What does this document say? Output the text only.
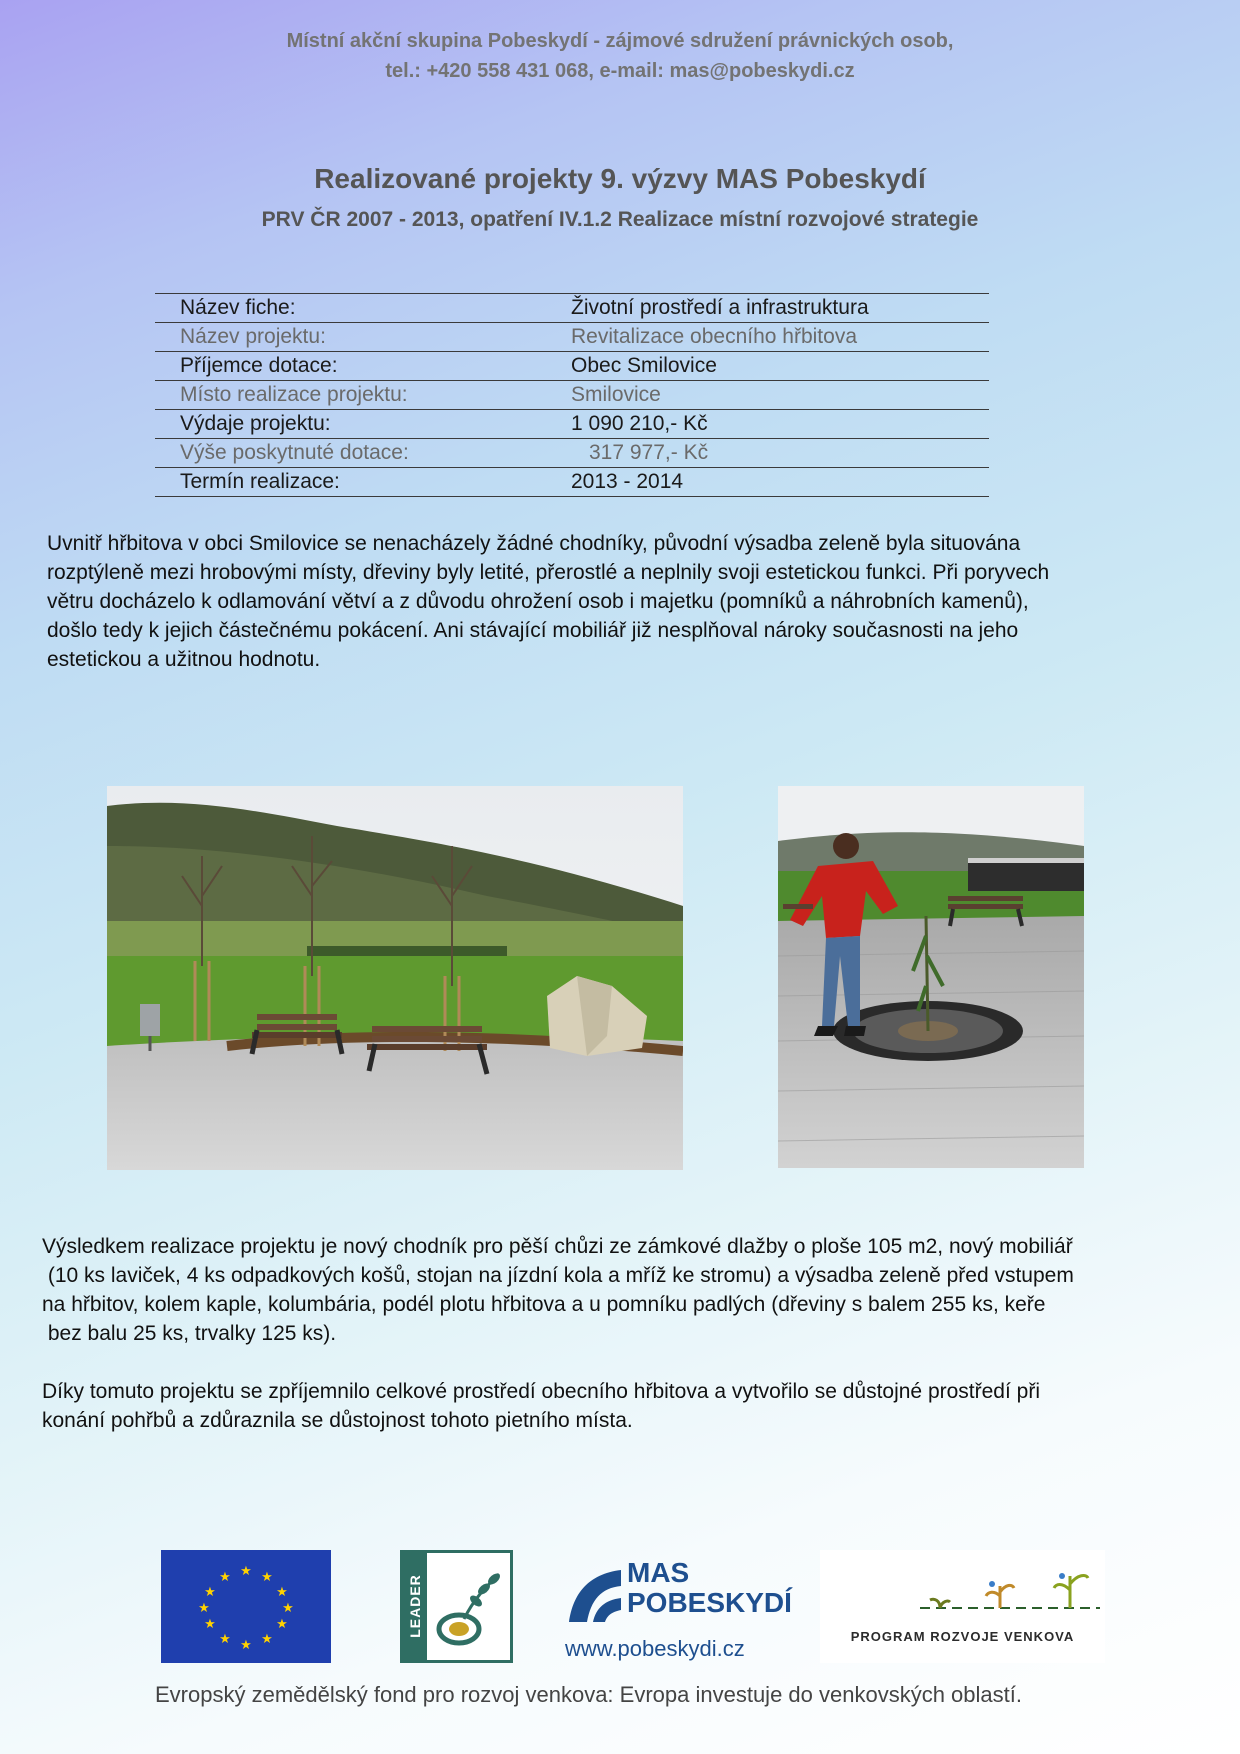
Místní akční skupina Pobeskydí - zájmové sdružení právnických osob,
tel.: +420 558 431 068, e-mail: mas@pobeskydi.cz
Realizované projekty 9. výzvy MAS Pobeskydí
PRV ČR 2007 - 2013, opatření IV.1.2 Realizace místní rozvojové strategie
Název fiche:	Životní prostředí a infrastruktura
Název projektu:	Revitalizace obecního hřbitova
Příjemce dotace:	Obec Smilovice
Místo realizace projektu:	Smilovice
Výdaje projektu:	1 090 210,- Kč
Výše poskytnuté dotace:	317 977,- Kč
Termín realizace:	2013 - 2014
Uvnitř hřbitova v obci Smilovice se nenacházely žádné chodníky, původní výsadba zeleně byla situována
rozptýleně mezi hrobovými místy, dřeviny byly letité, přerostlé a neplnily svoji estetickou funkci. Při poryvech
větru docházelo k odlamování větví a z důvodu ohrožení osob i majetku (pomníků a náhrobních kamenů),
došlo tedy k jejich částečnému pokácení. Ani stávající mobiliář již nesplňoval nároky současnosti na jeho
estetickou a užitnou hodnotu.
Výsledkem realizace projektu je nový chodník pro pěší chůzi ze zámkové dlažby o ploše 105 m2, nový mobiliář
(10 ks laviček, 4 ks odpadkových košů, stojan na jízdní kola a mříž ke stromu) a výsadba zeleně před vstupem
na hřbitov, kolem kaple, kolumbária, podél plotu hřbitova a u pomníku padlých (dřeviny s balem 255 ks, keře
bez balu 25 ks, trvalky 125 ks).
Díky tomuto projektu se zpříjemnilo celkové prostředí obecního hřbitova a vytvořilo se důstojné prostředí při
konání pohřbů a zdůraznila se důstojnost tohoto pietního místa.
★ ★
★
★
★
★
★
★
★
★
★
★	LEADER
MAS
POBESKYDÍ
www.pobeskydi.cz	PROGRAM ROZVOJE VENKOVA
Evropský zemědělský fond pro rozvoj venkova: Evropa investuje do venkovských oblastí.
